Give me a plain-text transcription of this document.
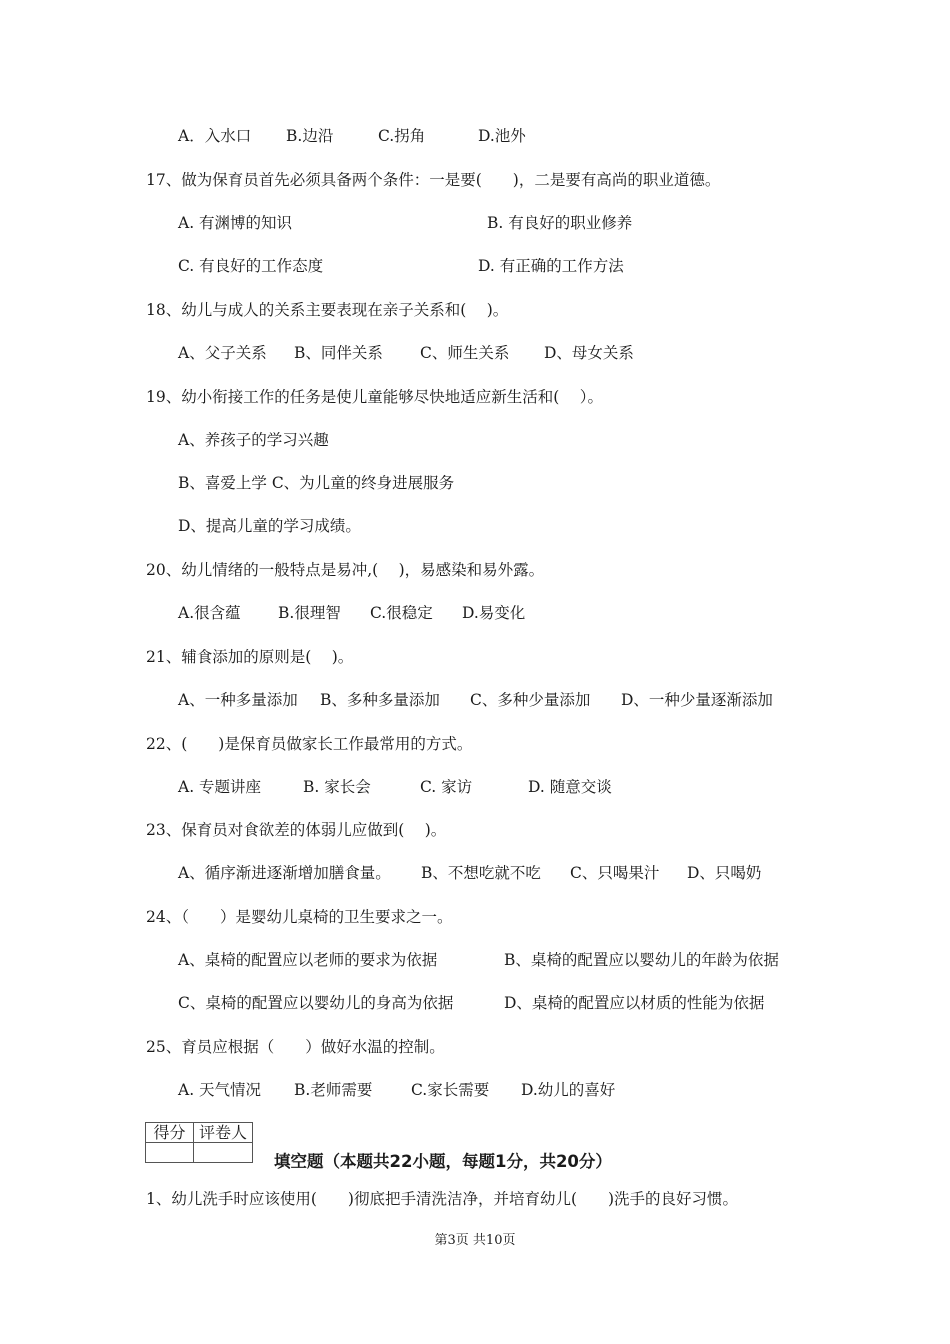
A．入水口 B.边沿	C.拐角	D.池外
17、做为保育员首先必须具备两个条件：一是要(　　)，二是要有高尚的职业道德。
A. 有渊博的知识	B. 有良好的职业修养
C. 有良好的工作态度	D. 有正确的工作方法
18、幼儿与成人的关系主要表现在亲子关系和(　 )。
A、父子关系 B、同伴关系 C、师生关系 D、母女关系
19、幼小衔接工作的任务是使儿童能够尽快地适应新生活和(　 ）。
A、养孩子的学习兴趣
B、喜爱上学 C、为儿童的终身进展服务
D、提高儿童的学习成绩。
20、幼儿情绪的一般特点是易冲,(　 )，易感染和易外露。
A.很含蕴 B.很理智 C.很稳定 D.易变化
21、辅食添加的原则是(　 )。
A、一种多量添加 B、多种多量添加 C、多种少量添加 D、一种少量逐渐添加
22、(　　)是保育员做家长工作最常用的方式。
A. 专题讲座	B. 家长会	C. 家访	D. 随意交谈
23、保育员对食欲差的体弱儿应做到(　 )。
A、循序渐进逐渐增加膳食量。 B、不想吃就不吃 C、只喝果汁 D、只喝奶
24、（　　）是婴幼儿桌椅的卫生要求之一。
A、桌椅的配置应以老师的要求为依据	B、桌椅的配置应以婴幼儿的年龄为依据
C、桌椅的配置应以婴幼儿的身高为依据	D、桌椅的配置应以材质的性能为依据
25、育员应根据（　　）做好水温的控制。
A. 天气情况 B.老师需要 C.家长需要 D.幼儿的喜好
得分	评卷人

填空题（本题共22小题，每题1分，共20分）
1、幼儿洗手时应该使用(　　)彻底把手清洗洁净，并培育幼儿(　　)洗手的良好习惯。
第3页 共10页
